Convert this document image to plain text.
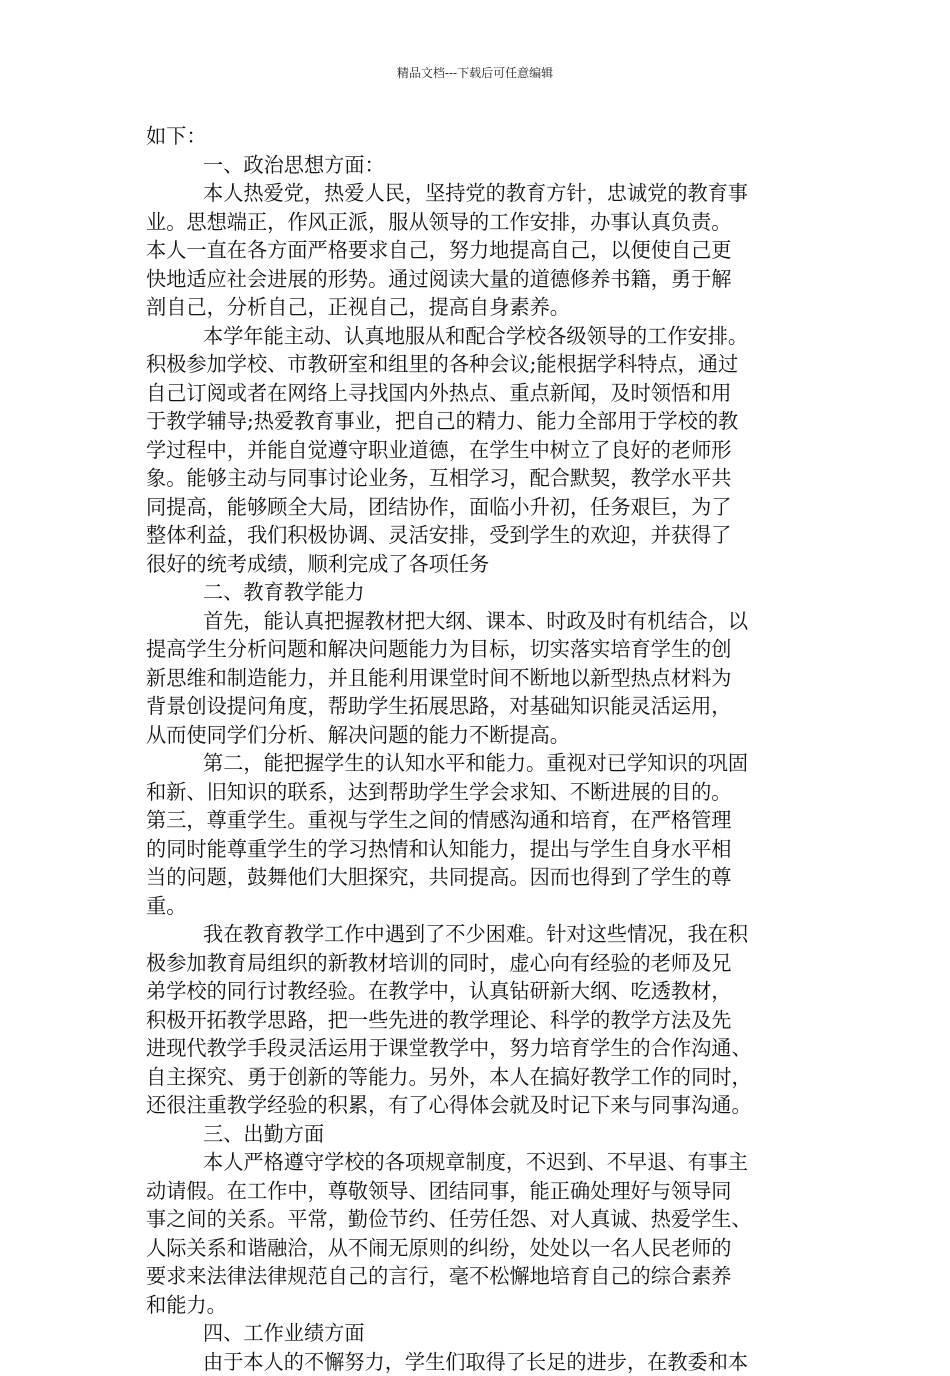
精品文档---下载后可任意编辑

如下：

一、政治思想方面：

本人热爱党，热爱人民，坚持党的教育方针，忠诚党的教育事

业。思想端正，作风正派，服从领导的工作安排，办事认真负责。

本人一直在各方面严格要求自己，努力地提高自己，以便使自己更

快地适应社会进展的形势。通过阅读大量的道德修养书籍，勇于解

剖自己，分析自己，正视自己，提高自身素养。

本学年能主动、认真地服从和配合学校各级领导的工作安排。

积极参加学校、市教研室和组里的各种会议;能根据学科特点，通过

自己订阅或者在网络上寻找国内外热点、重点新闻，及时领悟和用

于教学辅导;热爱教育事业，把自己的精力、能力全部用于学校的教

学过程中，并能自觉遵守职业道德，在学生中树立了良好的老师形

象。能够主动与同事讨论业务，互相学习，配合默契，教学水平共

同提高，能够顾全大局，团结协作，面临小升初，任务艰巨，为了

整体利益，我们积极协调、灵活安排，受到学生的欢迎，并获得了

很好的统考成绩，顺利完成了各项任务

二、教育教学能力

首先，能认真把握教材把大纲、课本、时政及时有机结合，以

提高学生分析问题和解决问题能力为目标，切实落实培育学生的创

新思维和制造能力，并且能利用课堂时间不断地以新型热点材料为

背景创设提问角度，帮助学生拓展思路，对基础知识能灵活运用，

从而使同学们分析、解决问题的能力不断提高。

第二，能把握学生的认知水平和能力。重视对已学知识的巩固

和新、旧知识的联系，达到帮助学生学会求知、不断进展的目的。

第三，尊重学生。重视与学生之间的情感沟通和培育，在严格管理

的同时能尊重学生的学习热情和认知能力，提出与学生自身水平相

当的问题，鼓舞他们大胆探究，共同提高。因而也得到了学生的尊

重。

我在教育教学工作中遇到了不少困难。针对这些情况，我在积

极参加教育局组织的新教材培训的同时，虚心向有经验的老师及兄

弟学校的同行讨教经验。在教学中，认真钻研新大纲、吃透教材，

积极开拓教学思路，把一些先进的教学理论、科学的教学方法及先

进现代教学手段灵活运用于课堂教学中，努力培育学生的合作沟通、

自主探究、勇于创新的等能力。另外，本人在搞好教学工作的同时，

还很注重教学经验的积累，有了心得体会就及时记下来与同事沟通。

三、出勤方面

本人严格遵守学校的各项规章制度，不迟到、不早退、有事主

动请假。在工作中，尊敬领导、团结同事，能正确处理好与领导同

事之间的关系。平常，勤俭节约、任劳任怨、对人真诚、热爱学生、

人际关系和谐融洽，从不闹无原则的纠纷，处处以一名人民老师的

要求来法律法律规范自己的言行，毫不松懈地培育自己的综合素养

和能力。

四、工作业绩方面

由于本人的不懈努力，学生们取得了长足的进步，在教委和本
